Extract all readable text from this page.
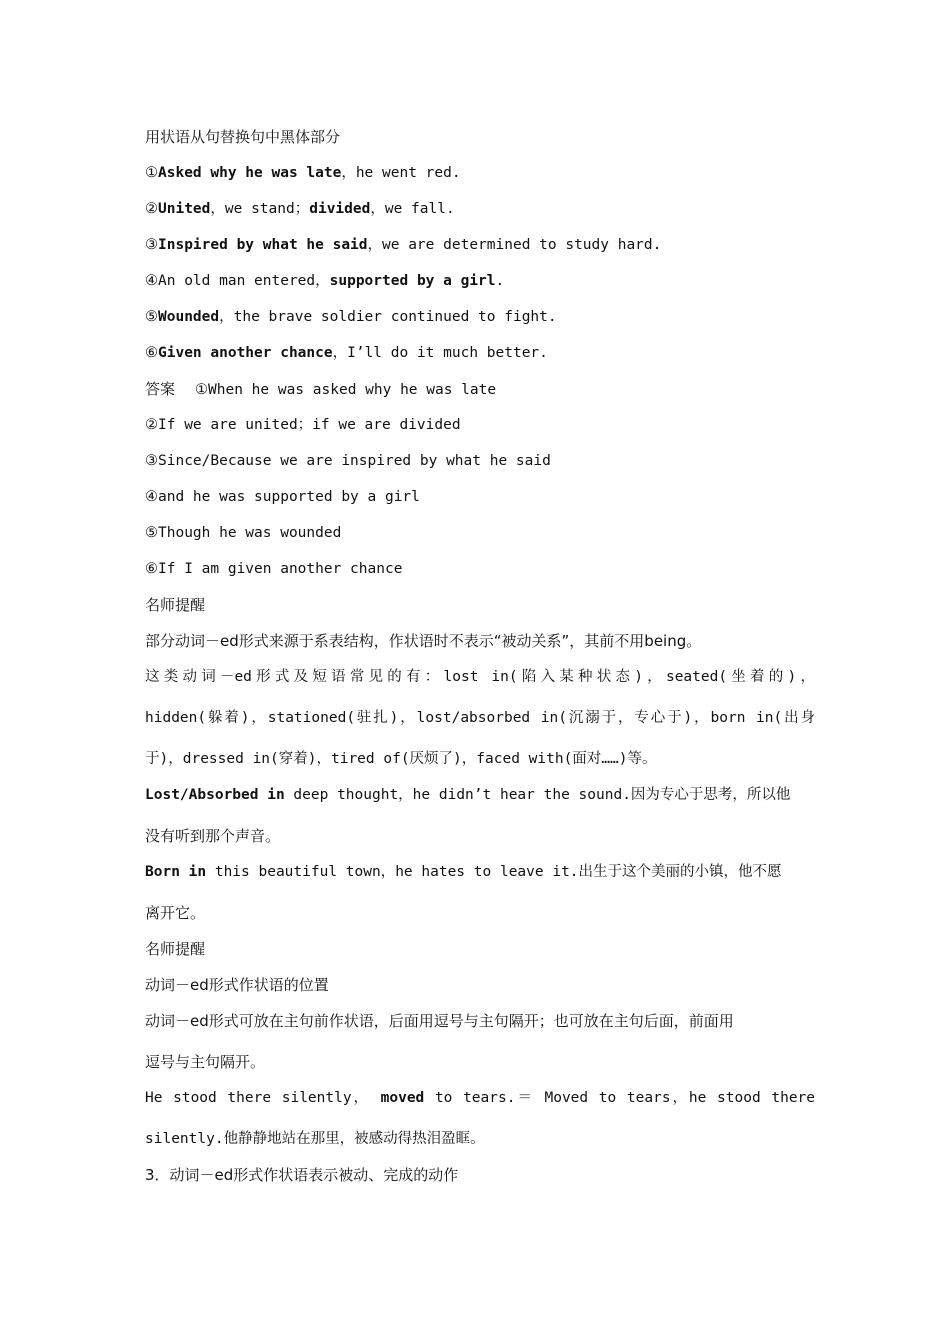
用状语从句替换句中黑体部分
①Asked why he was late，he went red.
②United，we stand；divided，we fall.
③Inspired by what he said，we are determined to study hard.
④An old man entered，supported by a girl.
⑤Wounded，the brave soldier continued to fight.
⑥Given another chance，I’ll do it much better.
答案 ①When he was asked why he was late
②If we are united；if we are divided
③Since/Because we are inspired by what he said
④and he was supported by a girl
⑤Though he was wounded
⑥If I am given another chance
名师提醒
部分动词－ed形式来源于系表结构，作状语时不表示“被动关系”，其前不用being。
这类动词－ed形式及短语常见的有：lost in(陷入某种状态)，seated(坐着的)，
hidden(躲着)，stationed(驻扎)，lost/absorbed in(沉溺于，专心于)，born in(出身
于)，dressed in(穿着)，tired of(厌烦了)，faced with(面对……)等。
Lost/Absorbed in deep thought，he didn’t hear the sound.因为专心于思考，所以他
没有听到那个声音。
Born in this beautiful town，he hates to leave it.出生于这个美丽的小镇，他不愿
离开它。
名师提醒
动词－ed形式作状语的位置
动词－ed形式可放在主句前作状语，后面用逗号与主句隔开；也可放在主句后面，前面用
逗号与主句隔开。
He stood there silently， moved to tears.＝ Moved to tears，he stood there
silently.他静静地站在那里，被感动得热泪盈眶。
3．动词－ed形式作状语表示被动、完成的动作
